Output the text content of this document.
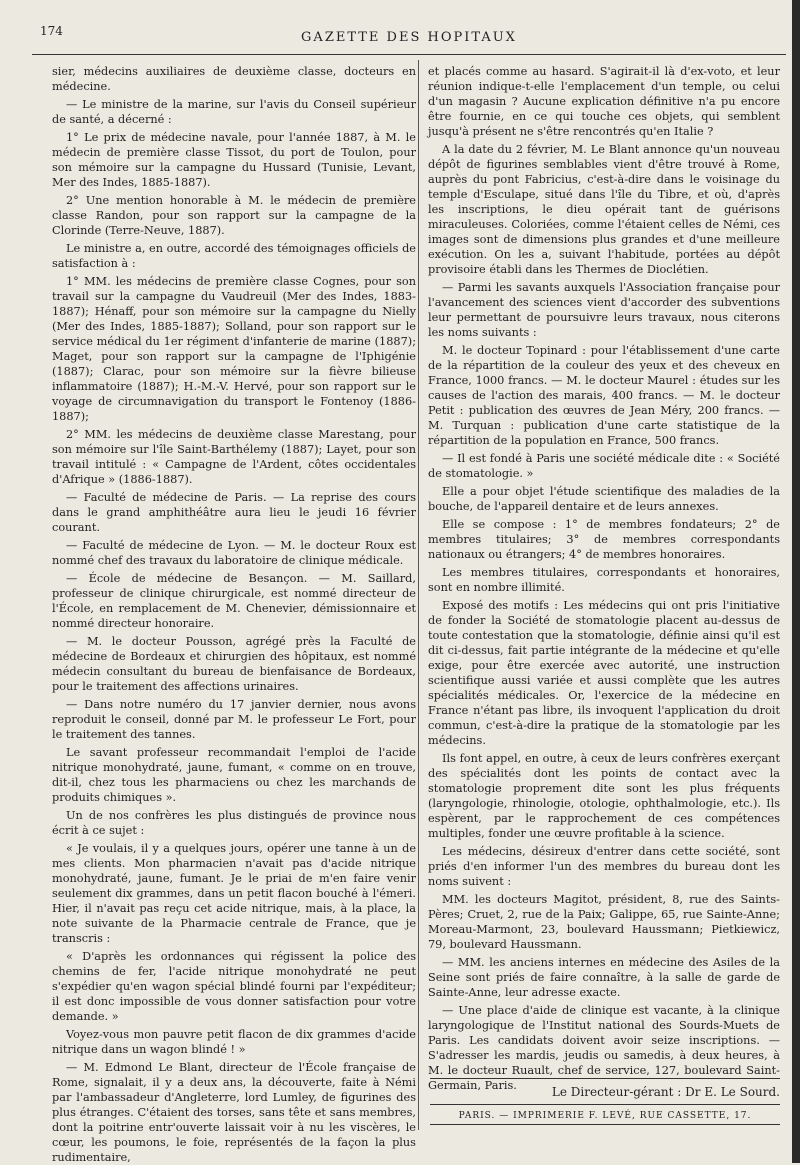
174	GAZETTE DES HOPITAUX

sier, médecins auxiliaires de deuxième classe, docteurs en médecine.

— Le ministre de la marine, sur l'avis du Conseil supérieur de santé, a décerné :

1° Le prix de médecine navale, pour l'année 1887, à M. le médecin de première classe Tissot, du port de Toulon, pour son mémoire sur la campagne du Hussard (Tunisie, Levant, Mer des Indes, 1885-1887).

2° Une mention honorable à M. le médecin de première classe Randon, pour son rapport sur la campagne de la Clorinde (Terre-Neuve, 1887).

Le ministre a, en outre, accordé des témoignages officiels de satisfaction à :

1° MM. les médecins de première classe Cognes, pour son travail sur la campagne du Vaudreuil (Mer des Indes, 1883-1887); Hénaff, pour son mémoire sur la campagne du Nielly (Mer des Indes, 1885-1887); Solland, pour son rapport sur le service médical du 1er régiment d'infanterie de marine (1887); Maget, pour son rapport sur la campagne de l'Iphigénie (1887); Clarac, pour son mémoire sur la fièvre bilieuse inflammatoire (1887); H.-M.-V. Hervé, pour son rapport sur le voyage de circumnavigation du transport le Fontenoy (1886-1887);

2° MM. les médecins de deuxième classe Marestang, pour son mémoire sur l'île Saint-Barthélemy (1887); Layet, pour son travail intitulé : « Campagne de l'Ardent, côtes occidentales d'Afrique » (1886-1887).

— Faculté de médecine de Paris. — La reprise des cours dans le grand amphithéâtre aura lieu le jeudi 16 février courant.

— Faculté de médecine de Lyon. — M. le docteur Roux est nommé chef des travaux du laboratoire de clinique médicale.

— École de médecine de Besançon. — M. Saillard, professeur de clinique chirurgicale, est nommé directeur de l'École, en remplacement de M. Chenevier, démissionnaire et nommé directeur honoraire.

— M. le docteur Pousson, agrégé près la Faculté de médecine de Bordeaux et chirurgien des hôpitaux, est nommé médecin consultant du bureau de bienfaisance de Bordeaux, pour le traitement des affections urinaires.

— Dans notre numéro du 17 janvier dernier, nous avons reproduit le conseil, donné par M. le professeur Le Fort, pour le traitement des tannes.

Le savant professeur recommandait l'emploi de l'acide nitrique monohydraté, jaune, fumant, « comme on en trouve, dit-il, chez tous les pharmaciens ou chez les marchands de produits chimiques ».

Un de nos confrères les plus distingués de province nous écrit à ce sujet :

« Je voulais, il y a quelques jours, opérer une tanne à un de mes clients. Mon pharmacien n'avait pas d'acide nitrique monohydraté, jaune, fumant. Je le priai de m'en faire venir seulement dix grammes, dans un petit flacon bouché à l'émeri. Hier, il n'avait pas reçu cet acide nitrique, mais, à la place, la note suivante de la Pharmacie centrale de France, que je transcris :

« D'après les ordonnances qui régissent la police des chemins de fer, l'acide nitrique monohydraté ne peut s'expédier qu'en wagon spécial blindé fourni par l'expéditeur; il est donc impossible de vous donner satisfaction pour votre demande. »

Voyez-vous mon pauvre petit flacon de dix grammes d'acide nitrique dans un wagon blindé ! »

— M. Edmond Le Blant, directeur de l'École française de Rome, signalait, il y a deux ans, la découverte, faite à Némi par l'ambassadeur d'Angleterre, lord Lumley, de figurines des plus étranges. C'étaient des torses, sans tête et sans membres, dont la poitrine entr'ouverte laissait voir à nu les viscères, le cœur, les poumons, le foie, représentés de la façon la plus rudimentaire,

et placés comme au hasard. S'agirait-il là d'ex-voto, et leur réunion indique-t-elle l'emplacement d'un temple, ou celui d'un magasin ? Aucune explication définitive n'a pu encore être fournie, en ce qui touche ces objets, qui semblent jusqu'à présent ne s'être rencontrés qu'en Italie ?

A la date du 2 février, M. Le Blant annonce qu'un nouveau dépôt de figurines semblables vient d'être trouvé à Rome, auprès du pont Fabricius, c'est-à-dire dans le voisinage du temple d'Esculape, situé dans l'île du Tibre, et où, d'après les inscriptions, le dieu opérait tant de guérisons miraculeuses. Coloriées, comme l'étaient celles de Némi, ces images sont de dimensions plus grandes et d'une meilleure exécution. On les a, suivant l'habitude, portées au dépôt provisoire établi dans les Thermes de Dioclétien.

— Parmi les savants auxquels l'Association française pour l'avancement des sciences vient d'accorder des subventions leur permettant de poursuivre leurs travaux, nous citerons les noms suivants :

M. le docteur Topinard : pour l'établissement d'une carte de la répartition de la couleur des yeux et des cheveux en France, 1000 francs. — M. le docteur Maurel : études sur les causes de l'action des marais, 400 francs. — M. le docteur Petit : publication des œuvres de Jean Méry, 200 francs. — M. Turquan : publication d'une carte statistique de la répartition de la population en France, 500 francs.

— Il est fondé à Paris une société médicale dite : « Société de stomatologie. »

Elle a pour objet l'étude scientifique des maladies de la bouche, de l'appareil dentaire et de leurs annexes.

Elle se compose : 1° de membres fondateurs; 2° de membres titulaires; 3° de membres correspondants nationaux ou étrangers; 4° de membres honoraires.

Les membres titulaires, correspondants et honoraires, sont en nombre illimité.

Exposé des motifs : Les médecins qui ont pris l'initiative de fonder la Société de stomatologie placent au-dessus de toute contestation que la stomatologie, définie ainsi qu'il est dit ci-dessus, fait partie intégrante de la médecine et qu'elle exige, pour être exercée avec autorité, une instruction scientifique aussi variée et aussi complète que les autres spécialités médicales. Or, l'exercice de la médecine en France n'étant pas libre, ils invoquent l'application du droit commun, c'est-à-dire la pratique de la stomatologie par les médecins.

Ils font appel, en outre, à ceux de leurs confrères exerçant des spécialités dont les points de contact avec la stomatologie proprement dite sont les plus fréquents (laryngologie, rhinologie, otologie, ophthalmologie, etc.). Ils espèrent, par le rapprochement de ces compétences multiples, fonder une œuvre profitable à la science.

Les médecins, désireux d'entrer dans cette société, sont priés d'en informer l'un des membres du bureau dont les noms suivent :

MM. les docteurs Magitot, président, 8, rue des Saints-Pères; Cruet, 2, rue de la Paix; Galippe, 65, rue Sainte-Anne; Moreau-Marmont, 23, boulevard Haussmann; Pietkiewicz, 79, boulevard Haussmann.

— MM. les anciens internes en médecine des Asiles de la Seine sont priés de faire connaître, à la salle de garde de Sainte-Anne, leur adresse exacte.

— Une place d'aide de clinique est vacante, à la clinique laryngologique de l'Institut national des Sourds-Muets de Paris. Les candidats doivent avoir seize inscriptions. — S'adresser les mardis, jeudis ou samedis, à deux heures, à M. le docteur Ruault, chef de service, 127, boulevard Saint-Germain, Paris.	Le Directeur-gérant : Dr E. Le Sourd.
PARIS. — IMPRIMERIE F. LEVÉ, RUE CASSETTE, 17.
